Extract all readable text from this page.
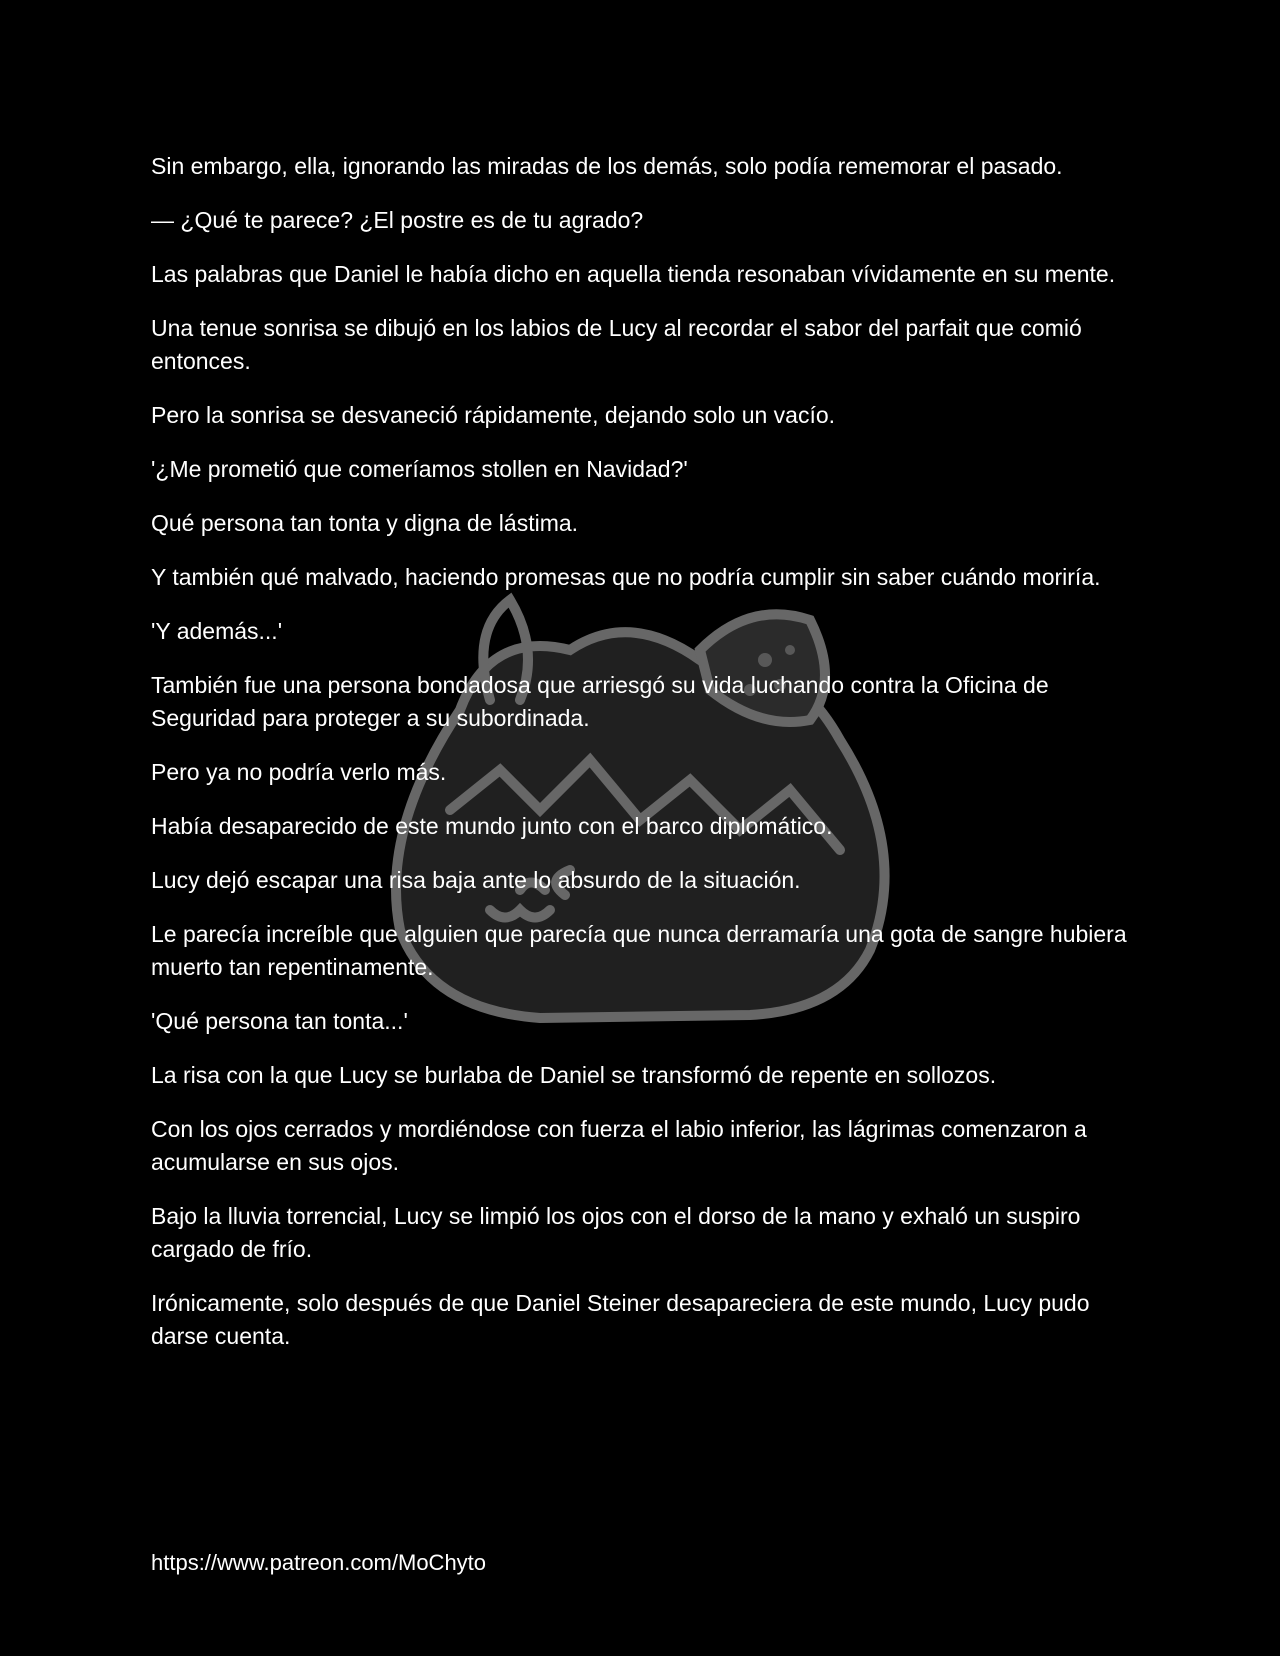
Sin embargo, ella, ignorando las miradas de los demás, solo podía rememorar el pasado.

— ¿Qué te parece? ¿El postre es de tu agrado?

Las palabras que Daniel le había dicho en aquella tienda resonaban vívidamente en su mente.

Una tenue sonrisa se dibujó en los labios de Lucy al recordar el sabor del parfait que comió entonces.

Pero la sonrisa se desvaneció rápidamente, dejando solo un vacío.

'¿Me prometió que comeríamos stollen en Navidad?'

Qué persona tan tonta y digna de lástima.

Y también qué malvado, haciendo promesas que no podría cumplir sin saber cuándo moriría.

'Y además...'

También fue una persona bondadosa que arriesgó su vida luchando contra la Oficina de Seguridad para proteger a su subordinada.

Pero ya no podría verlo más.

Había desaparecido de este mundo junto con el barco diplomático.

Lucy dejó escapar una risa baja ante lo absurdo de la situación.

Le parecía increíble que alguien que parecía que nunca derramaría una gota de sangre hubiera muerto tan repentinamente.

'Qué persona tan tonta...'

La risa con la que Lucy se burlaba de Daniel se transformó de repente en sollozos.

Con los ojos cerrados y mordiéndose con fuerza el labio inferior, las lágrimas comenzaron a acumularse en sus ojos.

Bajo la lluvia torrencial, Lucy se limpió los ojos con el dorso de la mano y exhaló un suspiro cargado de frío.

Irónicamente, solo después de que Daniel Steiner desapareciera de este mundo, Lucy pudo darse cuenta.

https://www.patreon.com/MoChyto
